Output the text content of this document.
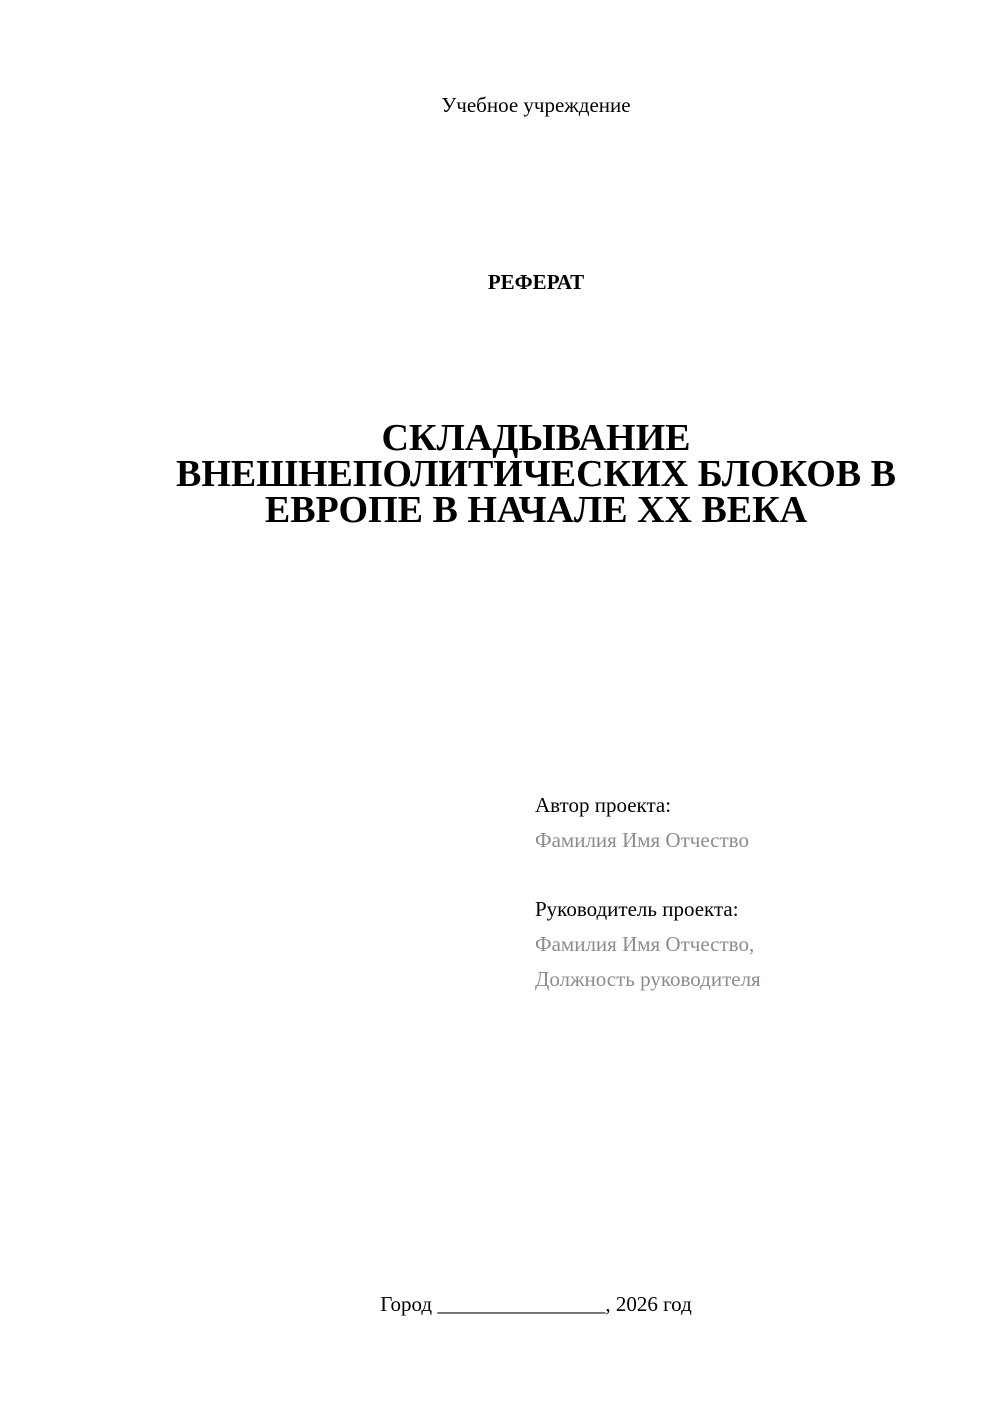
Учебное учреждение
РЕФЕРАТ
СКЛАДЫВАНИЕ
ВНЕШНЕПОЛИТИЧЕСКИХ БЛОКОВ В
ЕВРОПЕ В НАЧАЛЕ XX ВЕКА
Автор проекта:
Фамилия Имя Отчество
Руководитель проекта:
Фамилия Имя Отчество,
Должность руководителя
Город ________________, 2026 год
